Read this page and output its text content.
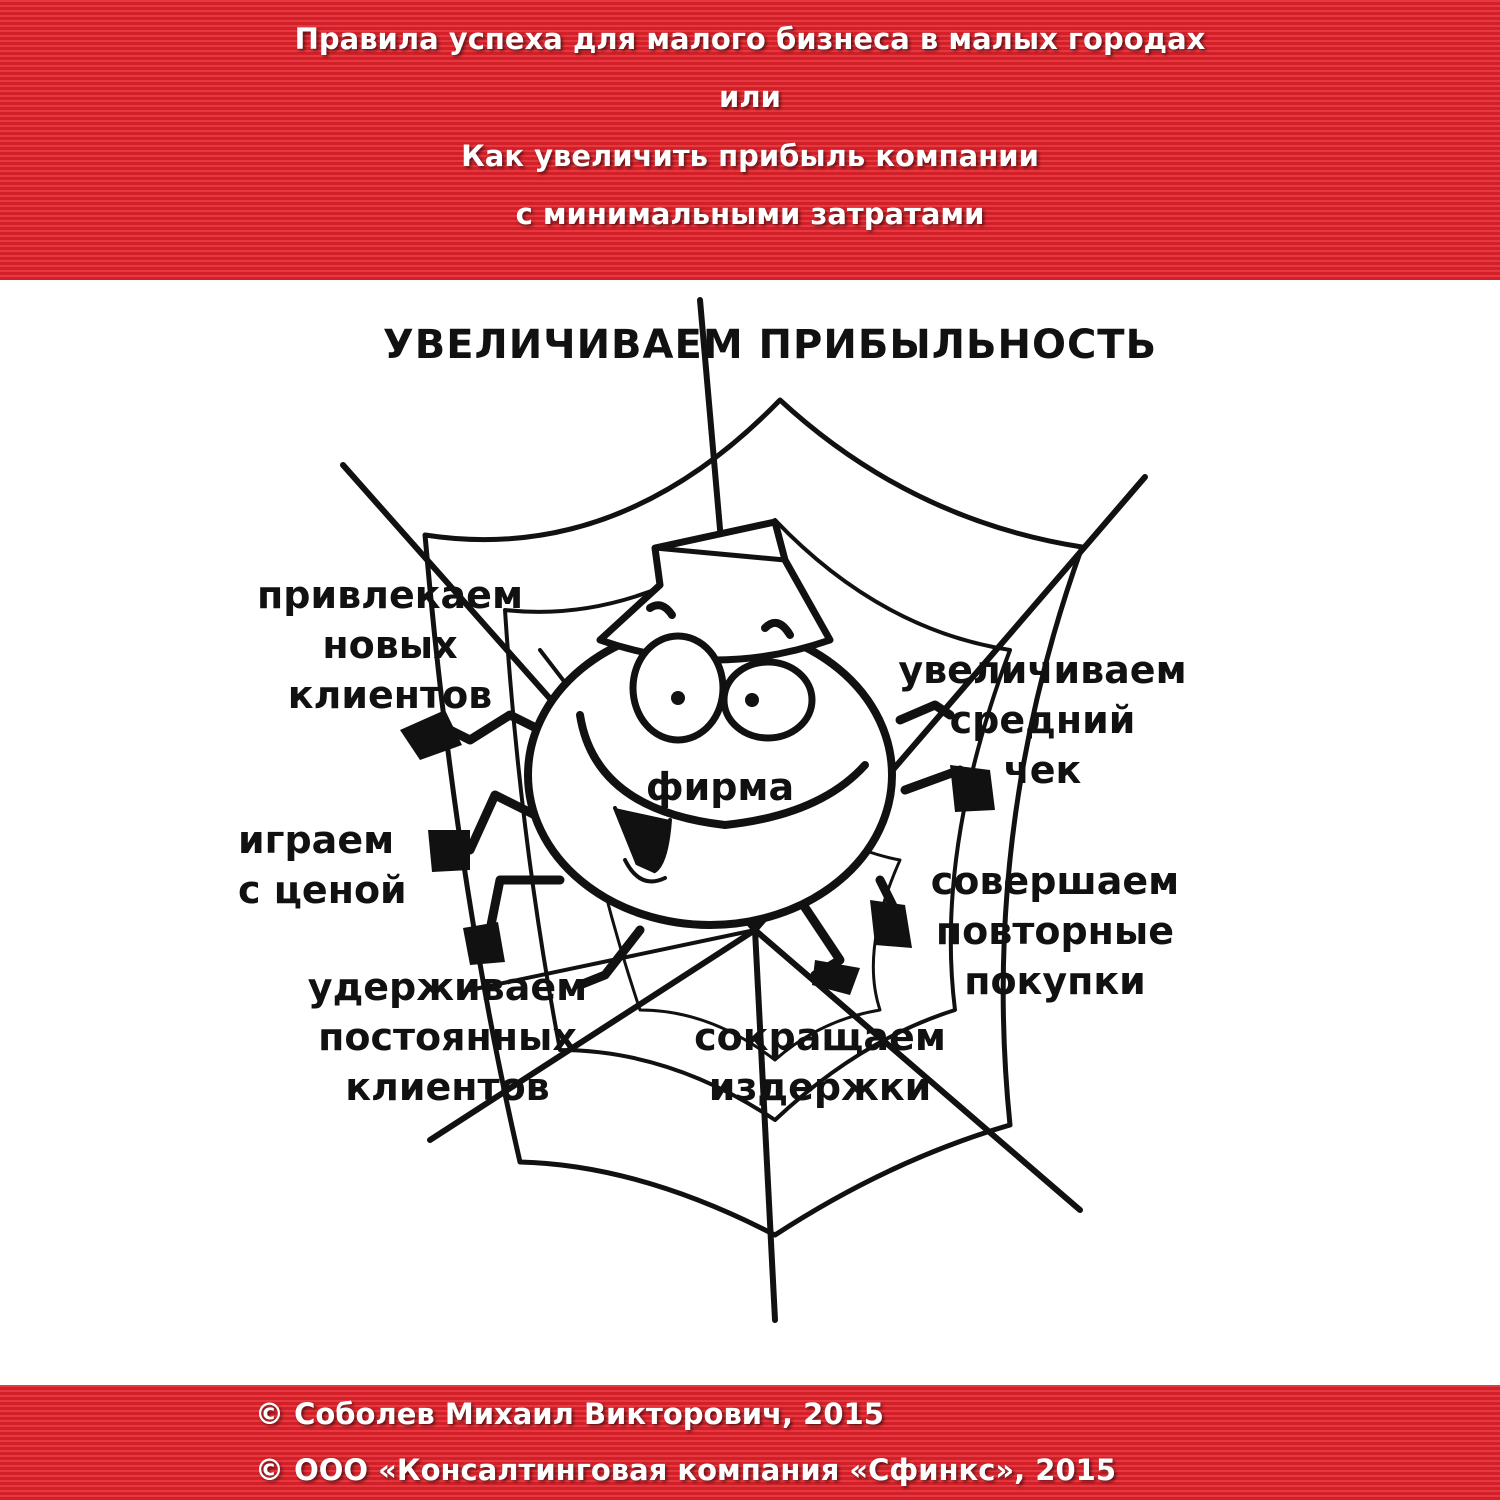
Правила успеха для малого бизнеса в малых городах

или

Как увеличить прибыль компании

с минимальными затратами

УВЕЛИЧИВАЕМ ПРИБЫЛЬНОСТЬ

привлекаем
новых
клиентов
увеличиваем
средний
чек
фирма
играем
с ценой	совершаем
повторные
покупки
удерживаем
постоянных
клиентов
сокращаем
издержки

© Соболев Михаил Викторович, 2015

© ООО «Консалтинговая компания «Сфинкс», 2015
